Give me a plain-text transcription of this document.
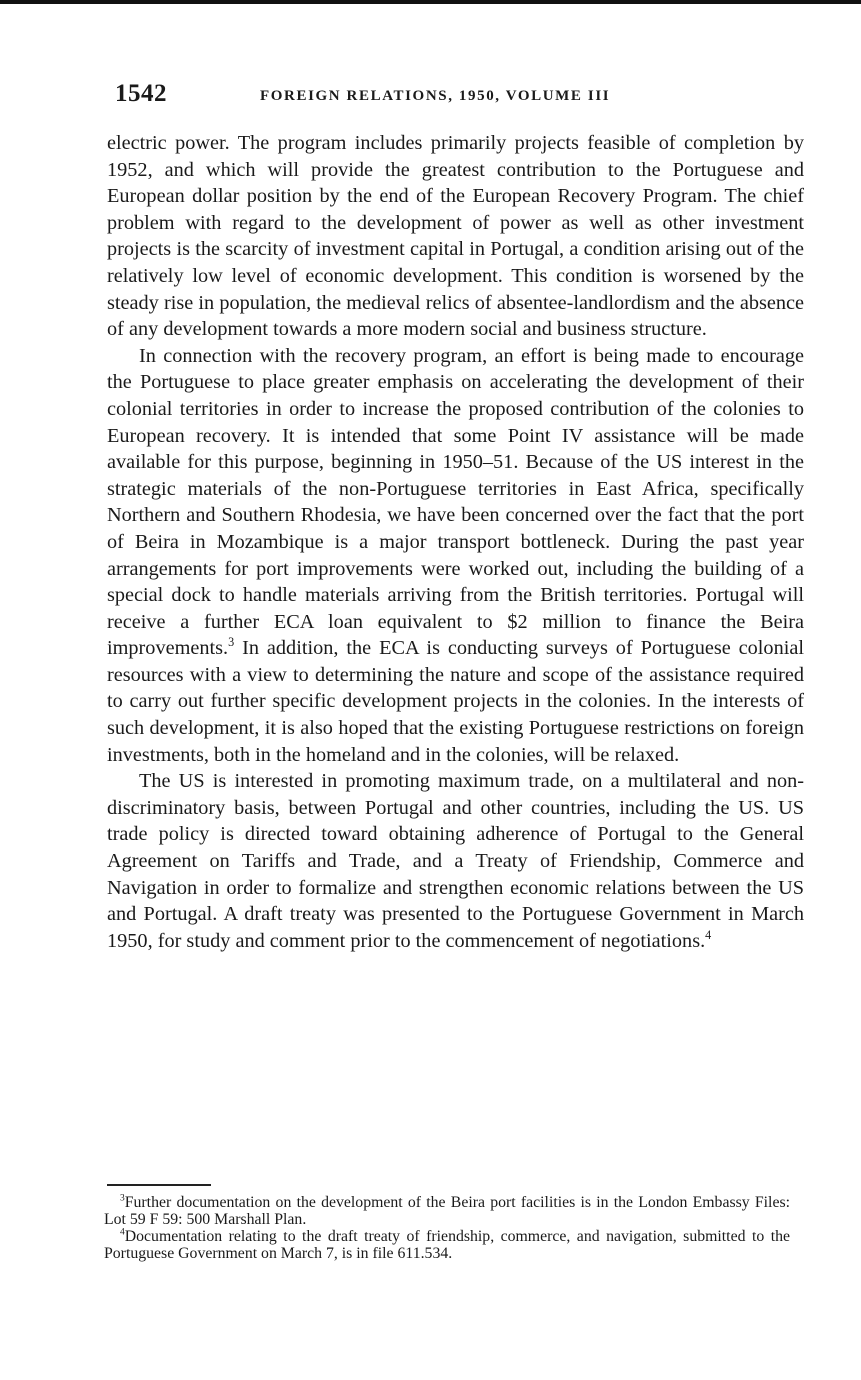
1542	FOREIGN RELATIONS, 1950, VOLUME III

electric power. The program includes primarily projects feasible of completion by 1952, and which will provide the greatest contribution to the Portuguese and European dollar position by the end of the European Recovery Program. The chief problem with regard to the development of power as well as other investment projects is the scarcity of investment capital in Portugal, a condition arising out of the relatively low level of economic development. This condition is worsened by the steady rise in population, the medieval relics of absentee-landlordism and the absence of any development towards a more modern social and business structure.

In connection with the recovery program, an effort is being made to encourage the Portuguese to place greater emphasis on accelerating the development of their colonial territories in order to increase the proposed contribution of the colonies to European recovery. It is intended that some Point IV assistance will be made available for this purpose, beginning in 1950–51. Because of the US interest in the strategic materials of the non-Portuguese territories in East Africa, specifically Northern and Southern Rhodesia, we have been concerned over the fact that the port of Beira in Mozambique is a major transport bottleneck. During the past year arrangements for port improvements were worked out, including the building of a special dock to handle materials arriving from the British territories. Portugal will receive a further ECA loan equivalent to $2 million to finance the Beira improvements.$^3$ In addition, the ECA is conducting surveys of Portuguese colonial resources with a view to determining the nature and scope of the assistance required to carry out further specific development projects in the colonies. In the interests of such development, it is also hoped that the existing Portuguese restrictions on foreign investments, both in the homeland and in the colonies, will be relaxed.

The US is interested in promoting maximum trade, on a multilateral and non-discriminatory basis, between Portugal and other countries, including the US. US trade policy is directed toward obtaining adherence of Portugal to the General Agreement on Tariffs and Trade, and a Treaty of Friendship, Commerce and Navigation in order to formalize and strengthen economic relations between the US and Portugal. A draft treaty was presented to the Portuguese Government in March 1950, for study and comment prior to the commencement of negotiations.$^4$

$^3$Further documentation on the development of the Beira port facilities is in the London Embassy Files: Lot 59 F 59: 500 Marshall Plan.

$^4$Documentation relating to the draft treaty of friendship, commerce, and navigation, submitted to the Portuguese Government on March 7, is in file 611.534.
